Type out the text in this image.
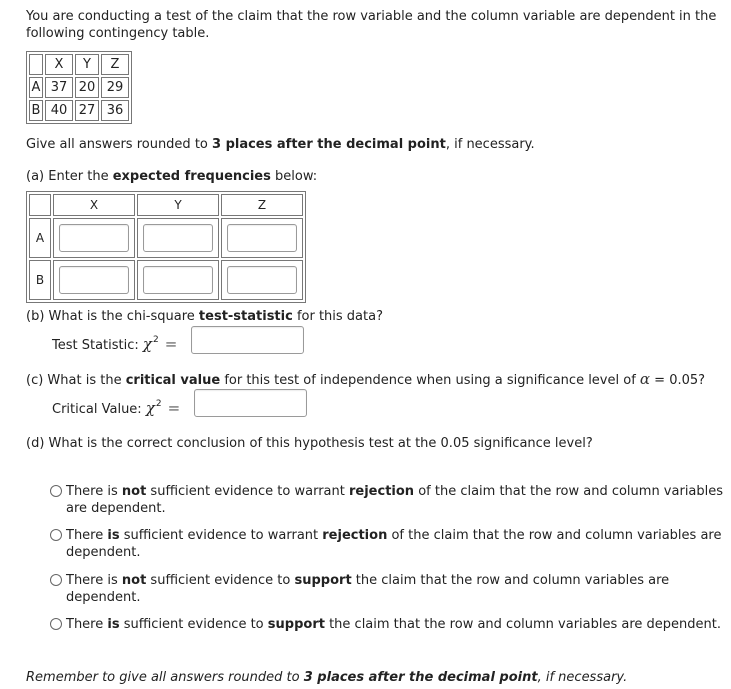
You are conducting a test of the claim that the row variable and the column variable are dependent in the following contingency table.
	X	Y	Z
A	37	20	29
B	40	27	36
Give all answers rounded to 3 places after the decimal point, if necessary.
(a) Enter the expected frequencies below:
	X	Y	Z
A	

B	

(b) What is the chi-square test-statistic for this data?
Test Statistic: $\chi^2$ =
(c) What is the critical value for this test of independence when using a significance level of α = 0.05?
Critical Value: $\chi^2$ =
(d) What is the correct conclusion of this hypothesis test at the 0.05 significance level?
There is not sufficient evidence to warrant rejection of the claim that the row and column variables are dependent.
There is sufficient evidence to warrant rejection of the claim that the row and column variables are dependent.
There is not sufficient evidence to support the claim that the row and column variables are dependent.
There is sufficient evidence to support the claim that the row and column variables are dependent.
Remember to give all answers rounded to 3 places after the decimal point, if necessary.
